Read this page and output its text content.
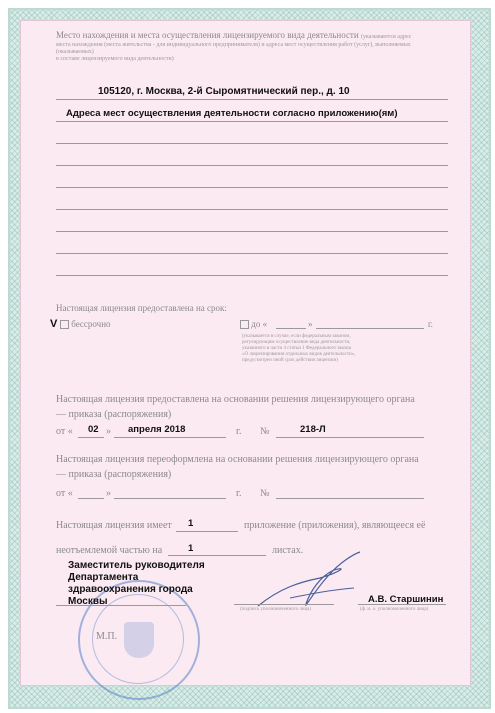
Место нахождения и места осуществления лицензируемого вида деятельности (указываются адрес
места нахождения (места жительства - для индивидуального предпринимателя) и адреса мест осуществления работ (услуг), выполняемых (оказываемых)
в составе лицензируемого вида деятельности)
105120, г. Москва, 2-й Сыромятнический пер., д. 10
Адреса мест осуществления деятельности согласно приложению(ям)
Настоящая лицензия предоставлена на срок:
V	бессрочно	до «	»	г.
(указывается в случае, если федеральным законом,
регулирующим осуществление вида деятельности,
указанного в части 4 статьи 1 Федерального закона
«О лицензировании отдельных видов деятельности»,
предусмотрен иной срок действия лицензии)
Настоящая лицензия предоставлена на основании решения лицензирующего органа
— приказа (распоряжения)
от « 02 » апреля 2018	г. №	218-Л
Настоящая лицензия переоформлена на основании решения лицензирующего органа
— приказа (распоряжения)
от «	»	г. №
Настоящая лицензия имеет 1	приложение (приложения), являющееся её
неотъемлемой частью на	1	листах.
Заместитель руководителя
Департамента
здравоохранения города
Москвы
(подпись уполномоченного лица)
А.В. Старшинин
(ф. и. о. уполномоченного лица)
М.П.
